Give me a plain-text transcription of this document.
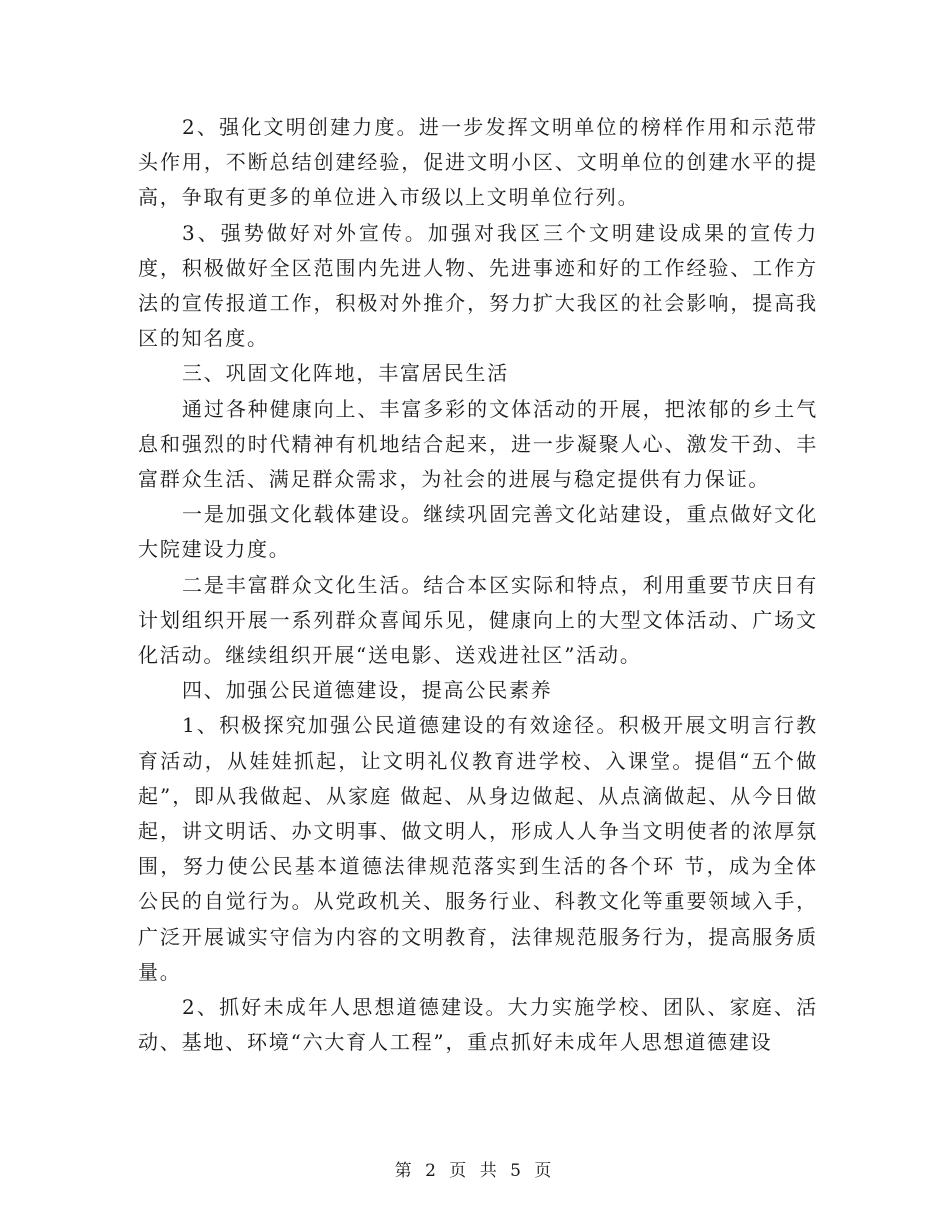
2、强化文明创建力度。进一步发挥文明单位的榜样作用和示范带头作用，不断总结创建经验，促进文明小区、文明单位的创建水平的提高，争取有更多的单位进入市级以上文明单位行列。

3、强势做好对外宣传。加强对我区三个文明建设成果的宣传力度，积极做好全区范围内先进人物、先进事迹和好的工作经验、工作方法的宣传报道工作，积极对外推介，努力扩大我区的社会影响，提高我区的知名度。

三、巩固文化阵地，丰富居民生活

通过各种健康向上、丰富多彩的文体活动的开展，把浓郁的乡土气息和强烈的时代精神有机地结合起来，进一步凝聚人心、激发干劲、丰富群众生活、满足群众需求，为社会的进展与稳定提供有力保证。

一是加强文化载体建设。继续巩固完善文化站建设，重点做好文化大院建设力度。

二是丰富群众文化生活。结合本区实际和特点，利用重要节庆日有计划组织开展一系列群众喜闻乐见，健康向上的大型文体活动、广场文化活动。继续组织开展“送电影、送戏进社区”活动。

四、加强公民道德建设，提高公民素养

1、积极探究加强公民道德建设的有效途径。积极开展文明言行教育活动，从娃娃抓起，让文明礼仪教育进学校、入课堂。提倡“五个做起”，即从我做起、从家庭 做起、从身边做起、从点滴做起、从今日做起，讲文明话、办文明事、做文明人，形成人人争当文明使者的浓厚氛围，努力使公民基本道德法律规范落实到生活的各个环 节，成为全体公民的自觉行为。从党政机关、服务行业、科教文化等重要领域入手，广泛开展诚实守信为内容的文明教育，法律规范服务行为，提高服务质量。

2、抓好未成年人思想道德建设。大力实施学校、团队、家庭、活动、基地、环境“六大育人工程”，重点抓好未成年人思想道德建设

第 2 页 共 5 页
